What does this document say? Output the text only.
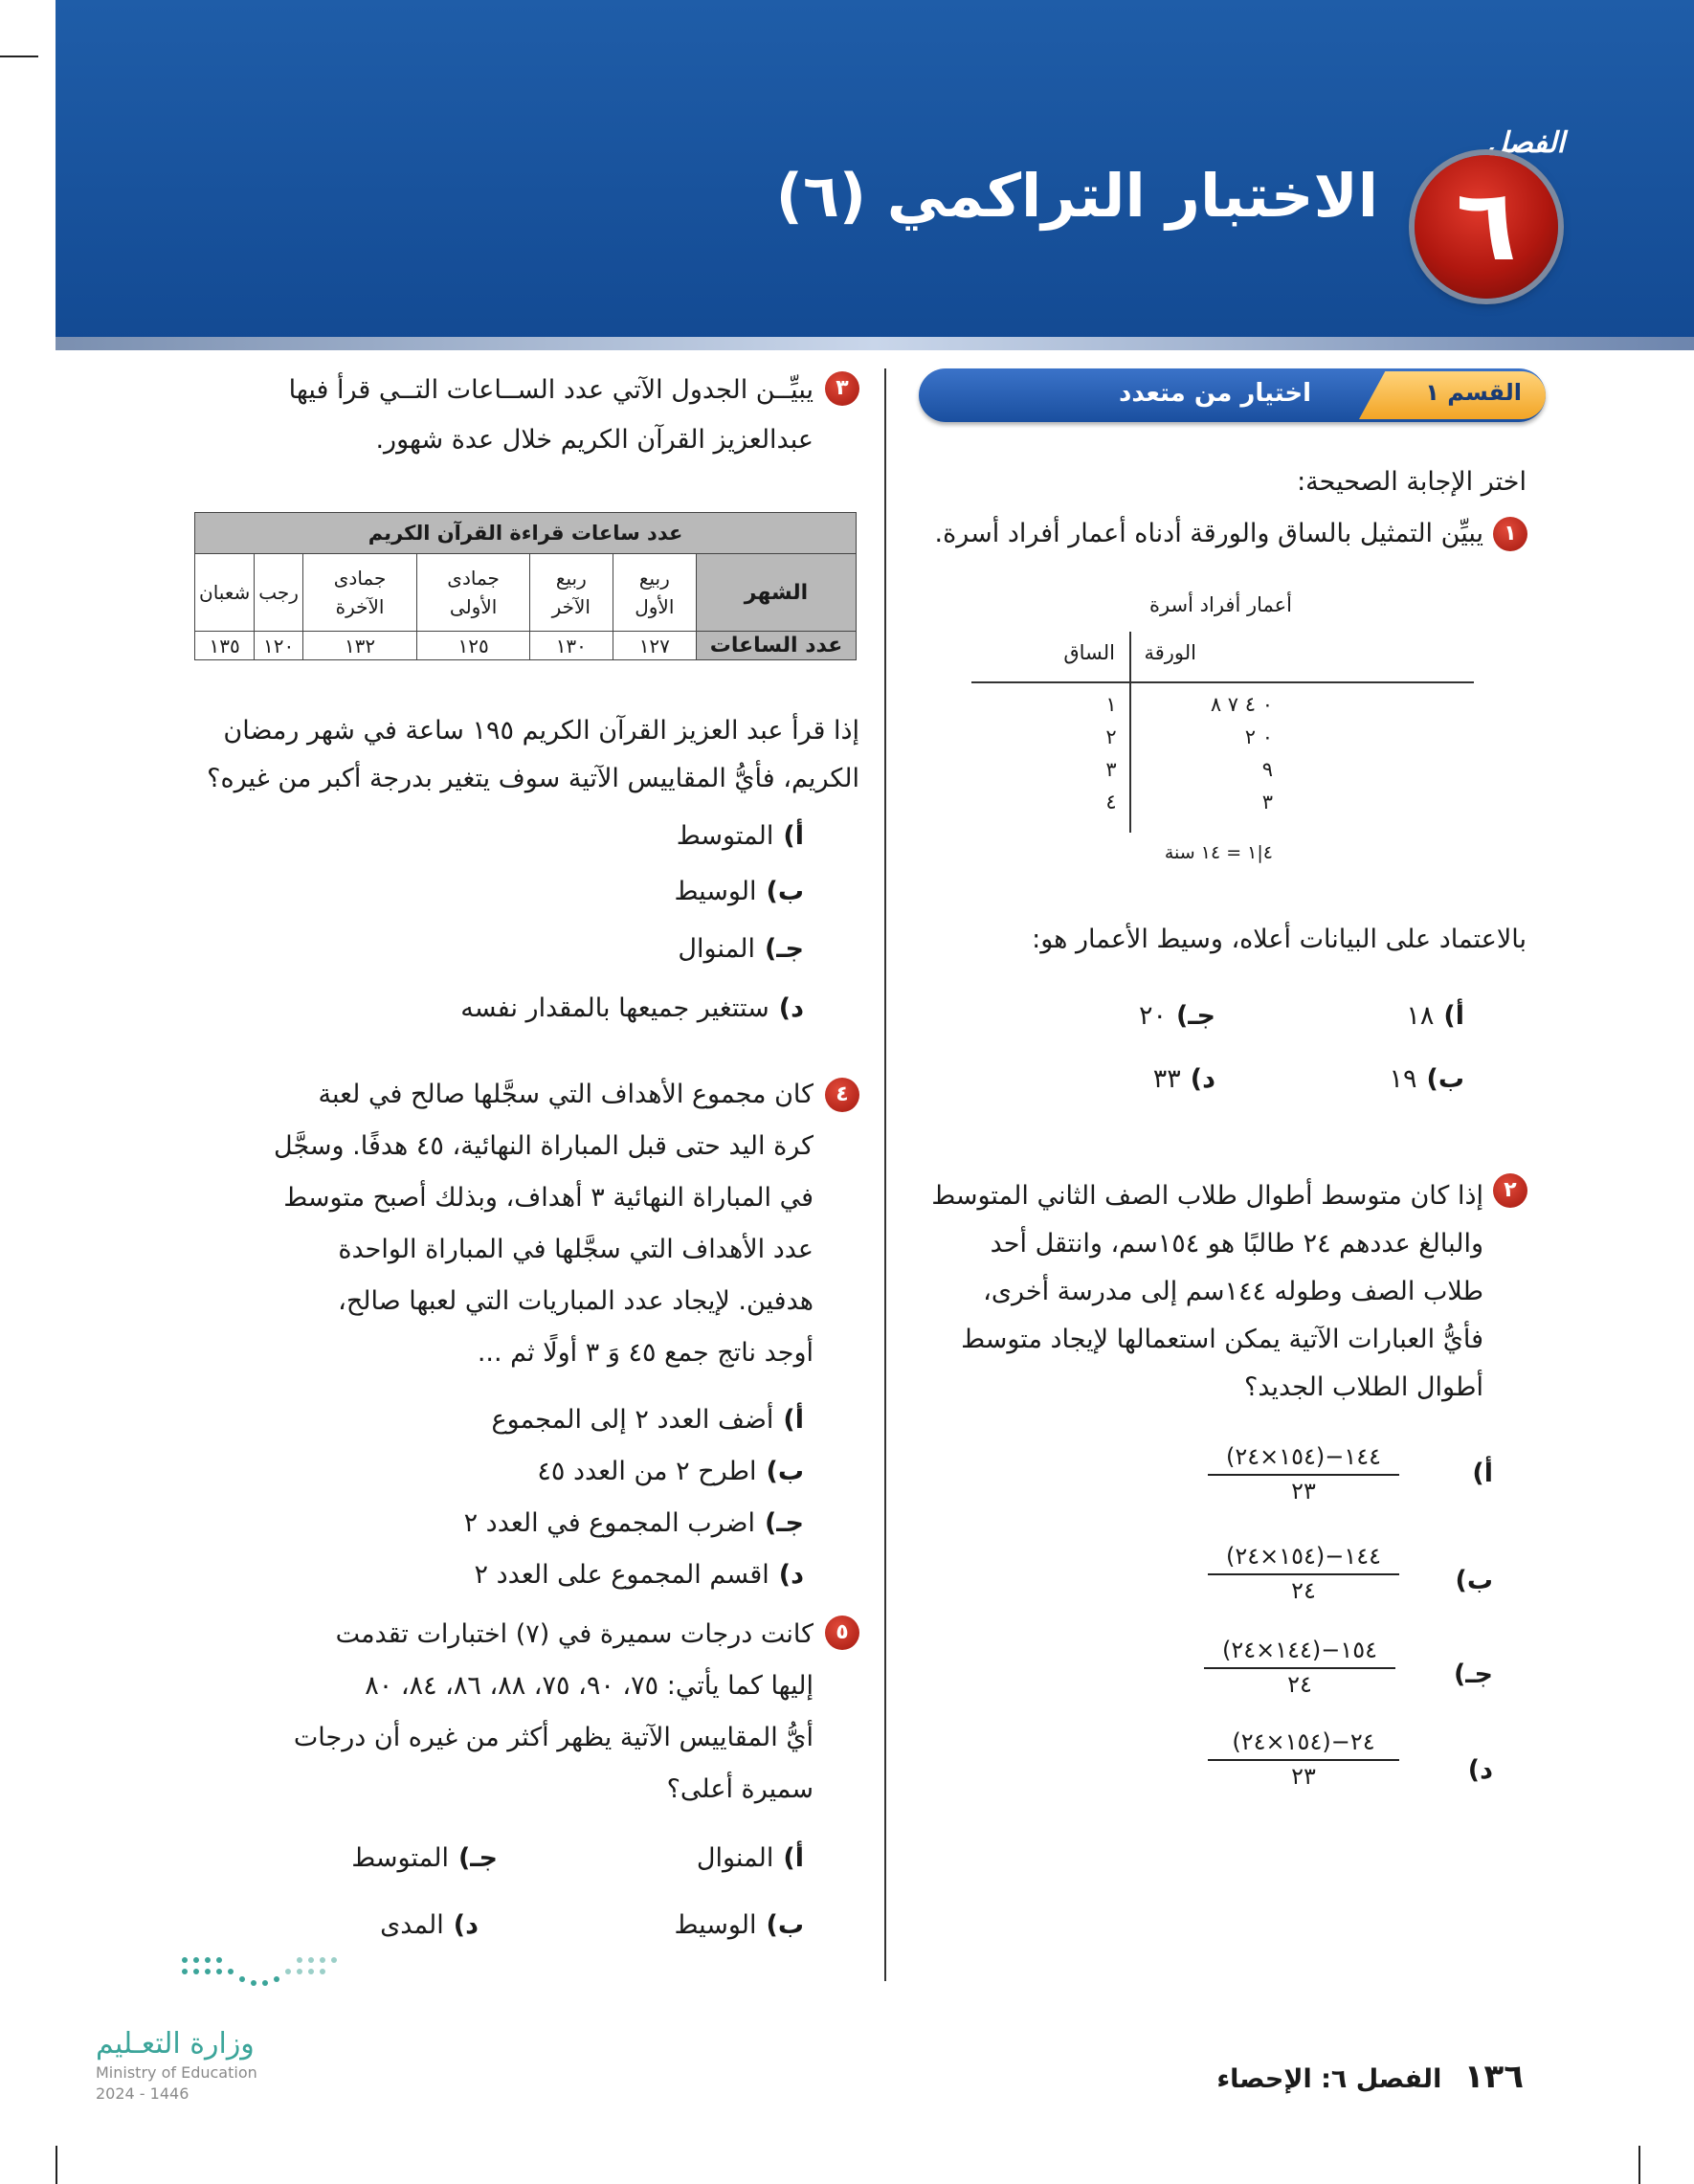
الفصل
٦
الاختبار التراكمي (٦)
القسم ١
اختيار من متعدد
اختر الإجابة الصحيحة:
١
يبيِّن التمثيل بالساق والورقة أدناه أعمار أفراد أسرة.
أعمار أفراد أسرة
الساق	الورقة
١	٠ ٤ ٧ ٨
٢	٠ ٢
٣	٩
٤	٣
٤|١ = ١٤ سنة
بالاعتماد على البيانات أعلاه، وسيط الأعمار هو:
أ)١٨
جـ)٢٠
ب)١٩
د)٣٣
٢
إذا كان متوسط أطوال طلاب الصف الثاني المتوسط
والبالغ عددهم ٢٤ طالبًا هو ١٥٤سم، وانتقل أحد
طلاب الصف وطوله ١٤٤سم إلى مدرسة أخرى،
فأيُّ العبارات الآتية يمكن استعمالها لإيجاد متوسط
أطوال الطلاب الجديد؟
أ)
(١٥٤×٢٤)−١٤٤
٢٣
ب)
(١٥٤×٢٤)−١٤٤
٢٤
جـ)
(١٤٤×٢٤)−١٥٤
٢٤
د)
(١٥٤×٢٤)−٢٤
٢٣
٣
يبيِّــن الجدول الآتي عدد الســاعات التــي قرأ فيها
عبدالعزيز القرآن الكريم خلال عدة شهور.
عدد ساعات قراءة القرآن الكريم						
الشهر	ربيع الأول	ربيع الآخر	جمادى الأولى	جمادى الآخرة	رجب	شعبان
عدد الساعات	١٢٧	١٣٠	١٢٥	١٣٢	١٢٠	١٣٥
إذا قرأ عبد العزيز القرآن الكريم ١٩٥ ساعة في شهر رمضان
الكريم، فأيُّ المقاييس الآتية سوف يتغير بدرجة أكبر من غيره؟
أ)المتوسط
ب)الوسيط
جـ)المنوال
د)ستتغير جميعها بالمقدار نفسه
٤
كان مجموع الأهداف التي سجَّلها صالح في لعبة
كرة اليد حتى قبل المباراة النهائية، ٤٥ هدفًا. وسجَّل
في المباراة النهائية ٣ أهداف، وبذلك أصبح متوسط
عدد الأهداف التي سجَّلها في المباراة الواحدة
هدفين. لإيجاد عدد المباريات التي لعبها صالح،
أوجد ناتج جمع ٤٥ وَ ٣ أولًا ثم ...
أ)أضف العدد ٢ إلى المجموع
ب)اطرح ٢ من العدد ٤٥
جـ)اضرب المجموع في العدد ٢
د)اقسم المجموع على العدد ٢
٥
كانت درجات سميرة في (٧) اختبارات تقدمت
إليها كما يأتي: ٧٥، ٩٠، ٧٥، ٨٨، ٨٦، ٨٤، ٨٠
أيُّ المقاييس الآتية يظهر أكثر من غيره أن درجات
سميرة أعلى؟
أ)المنوال
جـ)المتوسط
ب)الوسيط
د)المدى
١٣٦ الفصل ٦: الإحصاء
وزارة التعـليم
Ministry of Education
2024 - 1446
